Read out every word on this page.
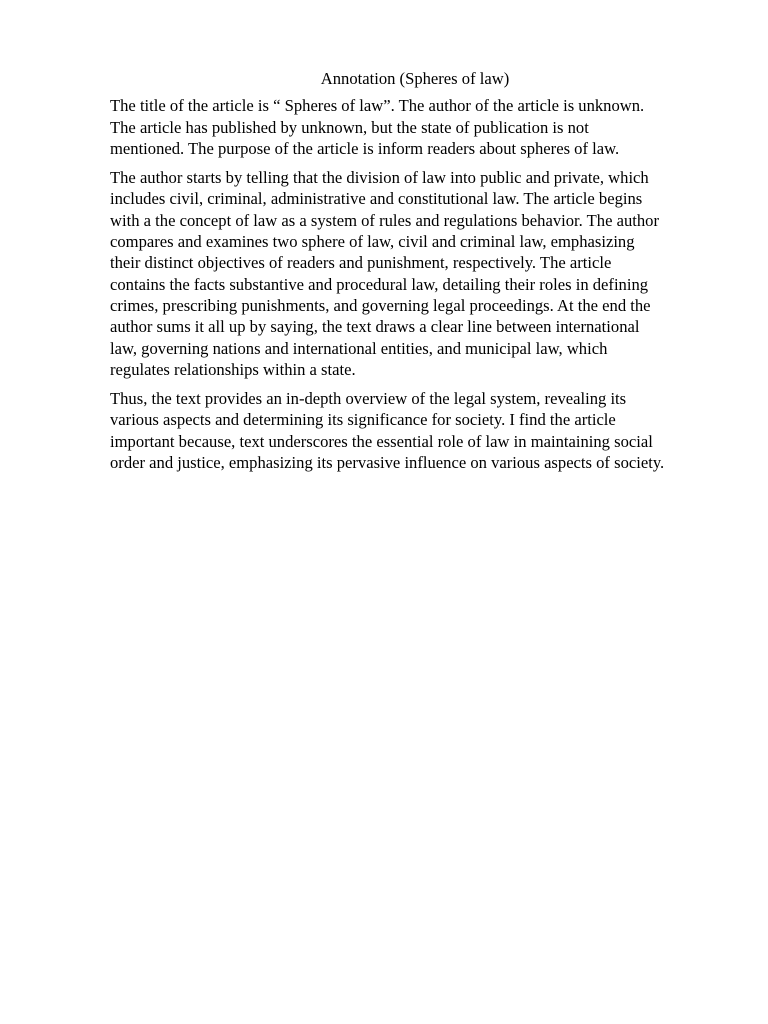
Annotation (Spheres of law)

The title of the article is “ Spheres of law”. The author of the article is unknown.
The article has published by unknown, but the state of publication is not
mentioned. The purpose of the article is inform readers about spheres of law.

The author starts by telling that the division of law into public and private, which
includes civil, criminal, administrative and constitutional law. The article begins
with a the concept of law as a system of rules and regulations behavior. The author
compares and examines two sphere of law, civil and criminal law, emphasizing
their distinct objectives of readers and punishment, respectively. The article
contains the facts substantive and procedural law, detailing their roles in defining
crimes, prescribing punishments, and governing legal proceedings. At the end the
author sums it all up by saying, the text draws a clear line between international
law, governing nations and international entities, and municipal law, which
regulates relationships within a state.

Thus, the text provides an in-depth overview of the legal system, revealing its
various aspects and determining its significance for society. I find the article
important because, text underscores the essential role of law in maintaining social
order and justice, emphasizing its pervasive influence on various aspects of society.
